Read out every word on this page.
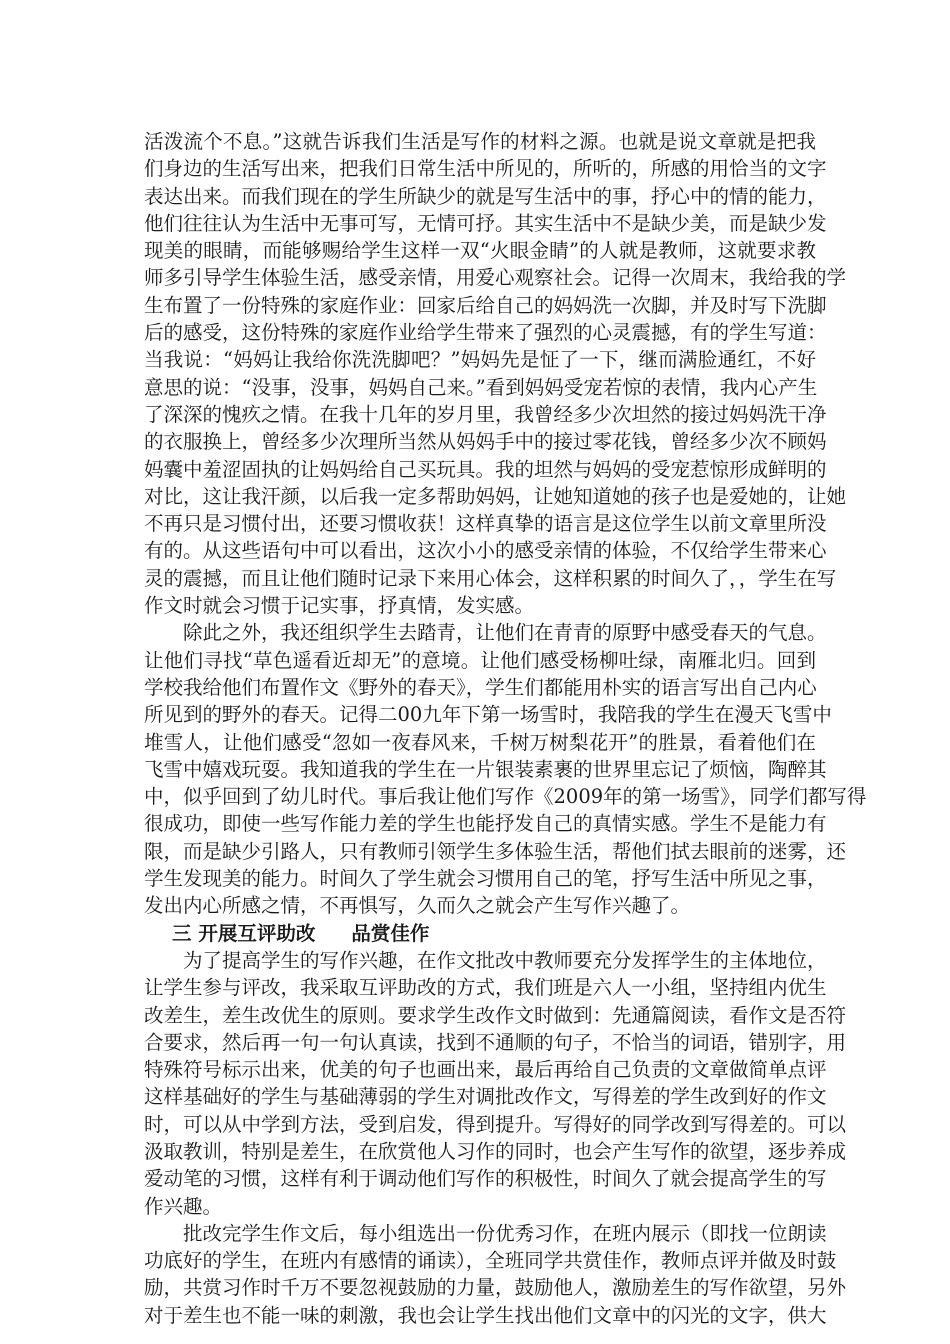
活泼流个不息。”这就告诉我们生活是写作的材料之源。也就是说文章就是把我
们身边的生活写出来，把我们日常生活中所见的，所听的，所感的用恰当的文字
表达出来。而我们现在的学生所缺少的就是写生活中的事，抒心中的情的能力，
他们往往认为生活中无事可写，无情可抒。其实生活中不是缺少美，而是缺少发
现美的眼睛，而能够赐给学生这样一双“火眼金睛”的人就是教师，这就要求教
师多引导学生体验生活，感受亲情，用爱心观察社会。记得一次周末，我给我的学
生布置了一份特殊的家庭作业：回家后给自己的妈妈洗一次脚，并及时写下洗脚
后的感受，这份特殊的家庭作业给学生带来了强烈的心灵震撼，有的学生写道：
当我说：“妈妈让我给你洗洗脚吧？”妈妈先是怔了一下，继而满脸通红，不好
意思的说：“没事，没事，妈妈自己来。”看到妈妈受宠若惊的表情，我内心产生
了深深的愧疚之情。在我十几年的岁月里，我曾经多少次坦然的接过妈妈洗干净
的衣服换上，曾经多少次理所当然从妈妈手中的接过零花钱，曾经多少次不顾妈
妈囊中羞涩固执的让妈妈给自己买玩具。我的坦然与妈妈的受宠惹惊形成鲜明的
对比，这让我汗颜，以后我一定多帮助妈妈，让她知道她的孩子也是爱她的，让她
不再只是习惯付出，还要习惯收获！这样真挚的语言是这位学生以前文章里所没
有的。从这些语句中可以看出，这次小小的感受亲情的体验，不仅给学生带来心
灵的震撼，而且让他们随时记录下来用心体会，这样积累的时间久了，，学生在写
作文时就会习惯于记实事，抒真情，发实感。
除此之外，我还组织学生去踏青，让他们在青青的原野中感受春天的气息。
让他们寻找“草色遥看近却无”的意境。让他们感受杨柳吐绿，南雁北归。回到
学校我给他们布置作文《野外的春天》，学生们都能用朴实的语言写出自己内心
所见到的野外的春天。记得二00九年下第一场雪时，我陪我的学生在漫天飞雪中
堆雪人，让他们感受“忽如一夜春风来，千树万树梨花开”的胜景，看着他们在
飞雪中嬉戏玩耍。我知道我的学生在一片银装素裹的世界里忘记了烦恼，陶醉其
中，似乎回到了幼儿时代。事后我让他们写作《2009年的第一场雪》，同学们都写得
很成功，即使一些写作能力差的学生也能抒发自己的真情实感。学生不是能力有
限，而是缺少引路人，只有教师引领学生多体验生活，帮他们拭去眼前的迷雾，还
学生发现美的能力。时间久了学生就会习惯用自己的笔，抒写生活中所见之事，
发出内心所感之情，不再惧写，久而久之就会产生写作兴趣了。
三 开展互评助改 品赏佳作
为了提高学生的写作兴趣，在作文批改中教师要充分发挥学生的主体地位，
让学生参与评改，我采取互评助改的方式，我们班是六人一小组，坚持组内优生
改差生，差生改优生的原则。要求学生改作文时做到：先通篇阅读，看作文是否符
合要求，然后再一句一句认真读，找到不通顺的句子，不恰当的词语，错别字，用
特殊符号标示出来，优美的句子也画出来，最后再给自己负责的文章做简单点评
这样基础好的学生与基础薄弱的学生对调批改作文，写得差的学生改到好的作文
时，可以从中学到方法，受到启发，得到提升。写得好的同学改到写得差的。可以
汲取教训，特别是差生，在欣赏他人习作的同时，也会产生写作的欲望，逐步养成
爱动笔的习惯，这样有利于调动他们写作的积极性，时间久了就会提高学生的写
作兴趣。
批改完学生作文后，每小组选出一份优秀习作，在班内展示（即找一位朗读
功底好的学生，在班内有感情的诵读），全班同学共赏佳作，教师点评并做及时鼓
励，共赏习作时千万不要忽视鼓励的力量，鼓励他人，激励差生的写作欲望，另外
对于差生也不能一味的刺激，我也会让学生找出他们文章中的闪光的文字，供大
